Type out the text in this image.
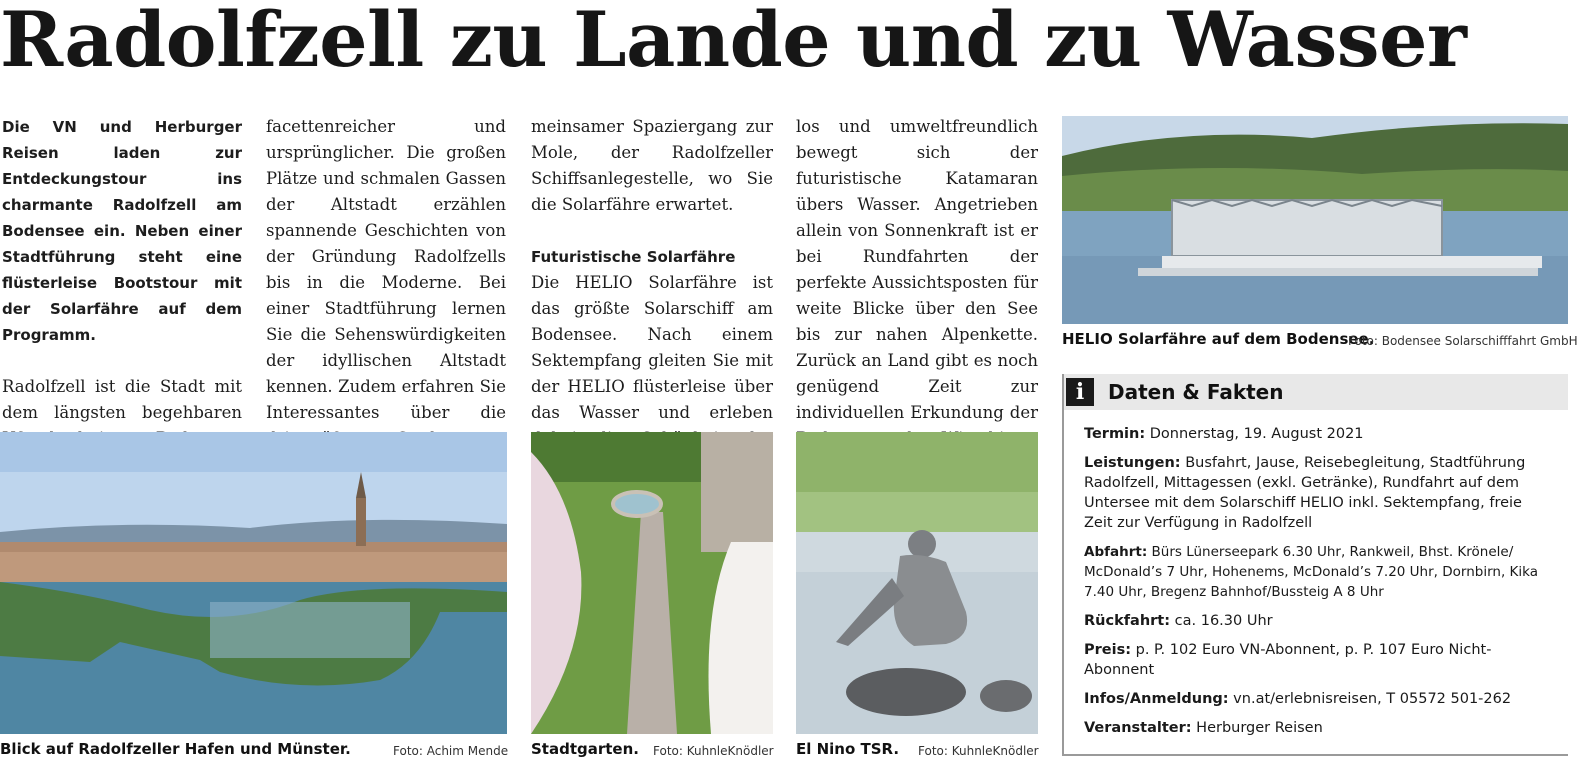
Radolfzell zu Lande und zu Wasser

Die VN und Herburger Reisen laden zur Entdeckungstour ins charmante Radolfzell am Bodensee ein. Neben einer Stadtführung steht eine flüsterleise Bootstour mit der Solarfähre auf dem Programm.

Radolfzell ist die Stadt mit dem längsten begehbaren

facettenreicher und ursprünglicher. Die großen Plätze und schmalen Gassen der Altstadt erzählen spannende Geschichten von der Gründung Radolfzells bis in die Moderne. Bei einer Stadtführung lernen Sie die Sehenswürdigkeiten der idyllischen Altstadt kennen. Zudem erfahren Sie Interessantes über die

meinsamer Spaziergang zur Mole, der Radolfzeller Schiffsanlegestelle, wo Sie die Solarfähre erwartet.

Futuristische Solarfähre

Die HELIO Solarfähre ist das größte Solarschiff am Bodensee. Nach einem Sektempfang gleiten Sie mit der HELIO flüsterleise über das Wasser und erleben

los und umweltfreundlich bewegt sich der futuristische Katamaran übers Wasser. Angetrieben allein von Sonnenkraft ist er bei Rundfahrten der perfekte Aussichtsposten für weite Blicke über den See bis zur nahen Alpenkette. Zurück an Land gibt es noch genügend Zeit zur individuellen Erkundung der

HELIO Solarfähre auf dem Bodensee.
Foto: Bodensee Solarschifffahrt GmbH
i	Daten & Fakten
Termin: Donnerstag, 19. August 2021
Leistungen: Busfahrt, Jause, Reisebegleitung, Stadtführung Radolfzell, Mittagessen (exkl. Getränke), Rundfahrt auf dem Untersee mit dem Solarschiff HELIO inkl. Sektempfang, freie Zeit zur Verfügung in Radolfzell
Abfahrt: Bürs Lünerseepark 6.30 Uhr, Rankweil, Bhst. Krönele/ McDonald’s 7 Uhr, Hohenems, McDonald’s 7.20 Uhr, Dornbirn, Kika 7.40 Uhr, Bregenz Bahnhof/Bussteig A 8 Uhr
Rückfahrt: ca. 16.30 Uhr
Preis: p. P. 102 Euro VN-Abonnent, p. P. 107 Euro Nicht-Abonnent
Infos/Anmeldung: vn.at/erlebnisreisen, T 05572 501-262
Veranstalter: Herburger Reisen
Blick auf Radolfzeller Hafen und Münster.	Foto: Achim Mende Stadtgarten. Foto: KuhnleKnödler El Nino TSR. Foto: KuhnleKnödler
